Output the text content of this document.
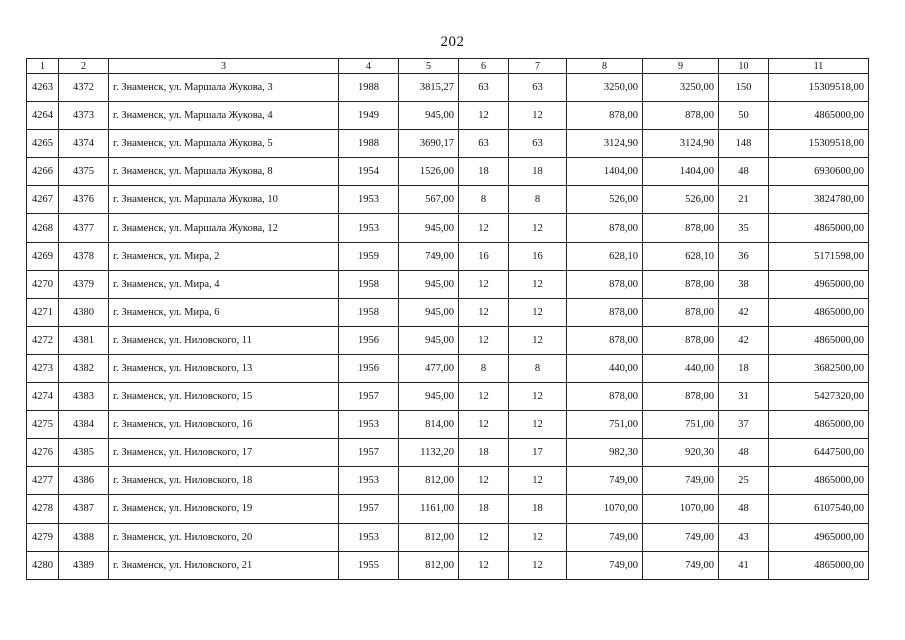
202
1	2	3	4	5	6	7	8	9	10	11
4263	4372	г. Знаменск, ул. Маршала Жукова, 3	1988	3815,27	63	63	3250,00	3250,00	150	15309518,00
4264	4373	г. Знаменск, ул. Маршала Жукова, 4	1949	945,00	12	12	878,00	878,00	50	4865000,00
4265	4374	г. Знаменск, ул. Маршала Жукова, 5	1988	3690,17	63	63	3124,90	3124,90	148	15309518,00
4266	4375	г. Знаменск, ул. Маршала Жукова, 8	1954	1526,00	18	18	1404,00	1404,00	48	6930600,00
4267	4376	г. Знаменск, ул. Маршала Жукова, 10	1953	567,00	8	8	526,00	526,00	21	3824780,00
4268	4377	г. Знаменск, ул. Маршала Жукова, 12	1953	945,00	12	12	878,00	878,00	35	4865000,00
4269	4378	г. Знаменск, ул. Мира, 2	1959	749,00	16	16	628,10	628,10	36	5171598,00
4270	4379	г. Знаменск, ул. Мира, 4	1958	945,00	12	12	878,00	878,00	38	4965000,00
4271	4380	г. Знаменск, ул. Мира, 6	1958	945,00	12	12	878,00	878,00	42	4865000,00
4272	4381	г. Знаменск, ул. Ниловского, 11	1956	945,00	12	12	878,00	878,00	42	4865000,00
4273	4382	г. Знаменск, ул. Ниловского, 13	1956	477,00	8	8	440,00	440,00	18	3682500,00
4274	4383	г. Знаменск, ул. Ниловского, 15	1957	945,00	12	12	878,00	878,00	31	5427320,00
4275	4384	г. Знаменск, ул. Ниловского, 16	1953	814,00	12	12	751,00	751,00	37	4865000,00
4276	4385	г. Знаменск, ул. Ниловского, 17	1957	1132,20	18	17	982,30	920,30	48	6447500,00
4277	4386	г. Знаменск, ул. Ниловского, 18	1953	812,00	12	12	749,00	749,00	25	4865000,00
4278	4387	г. Знаменск, ул. Ниловского, 19	1957	1161,00	18	18	1070,00	1070,00	48	6107540,00
4279	4388	г. Знаменск, ул. Ниловского, 20	1953	812,00	12	12	749,00	749,00	43	4965000,00
4280	4389	г. Знаменск, ул. Ниловского, 21	1955	812,00	12	12	749,00	749,00	41	4865000,00
